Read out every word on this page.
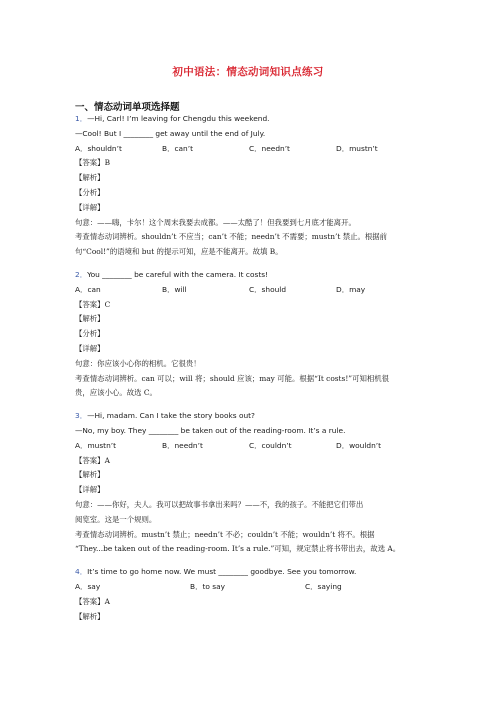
初中语法：情态动词知识点练习
一、情态动词单项选择题
1．—Hi, Carl! I’m leaving for Chengdu this weekend.
—Cool! But I ________ get away until the end of July.
A．shouldn’t	B．can’t	C．needn’t	D．mustn’t
【答案】B
【解析】
【分析】
【详解】
句意：——嗨，卡尔！这个周末我要去成都。——太酷了！但我要到七月底才能离开。
考查情态动词辨析。shouldn’t 不应当；can’t 不能；needn’t 不需要；mustn’t 禁止。根据前
句“Cool!”的语境和 but 的提示可知，应是不能离开。故填 B。
2．You ________ be careful with the camera. It costs!
A．can	B．will	C．should	D．may
【答案】C
【解析】
【分析】
【详解】
句意：你应该小心你的相机。它很贵！
考查情态动词辨析。can 可以；will 将；should 应该；may 可能。根据“It costs!”可知相机很
贵，应该小心。故选 C。
3．—Hi, madam. Can I take the story books out?
—No, my boy. They ________ be taken out of the reading-room. It’s a rule.
A．mustn’t	B．needn’t	C．couldn’t	D．wouldn’t
【答案】A
【解析】
【详解】
句意：——你好，夫人。我可以把故事书拿出来吗？——不，我的孩子。不能把它们带出
阅览室。这是一个规则。
考查情态动词辨析。mustn’t 禁止；needn’t 不必；couldn’t 不能；wouldn’t 将不。根据
“They...be taken out of the reading-room. It’s a rule.”可知，规定禁止将书带出去，故选 A。
4．It’s time to go home now. We must ________ goodbye. See you tomorrow.
A．say	B．to say	C．saying
【答案】A
【解析】
